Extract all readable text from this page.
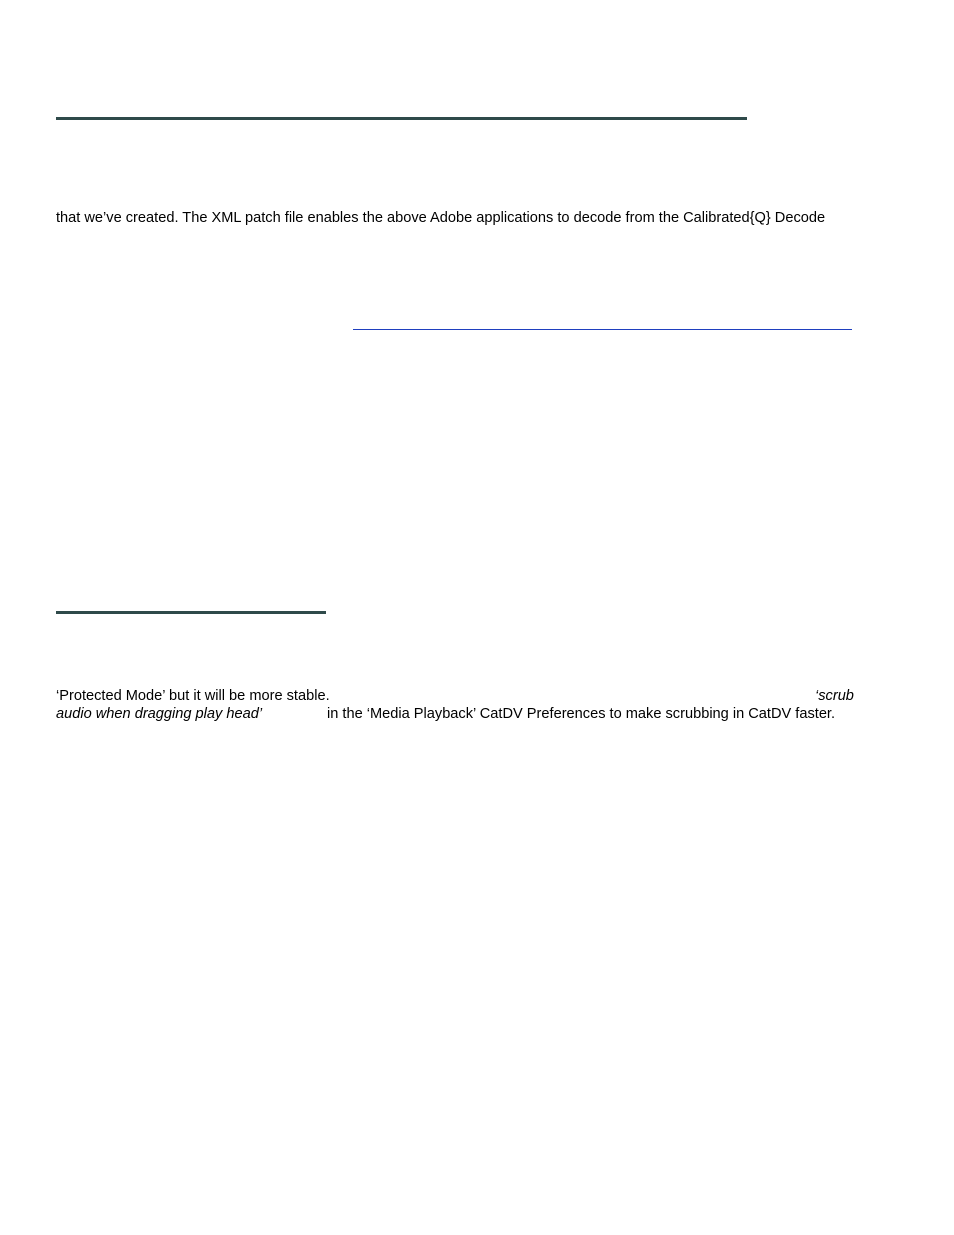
that we’ve created. The XML patch file enables the above Adobe applications to decode from the Calibrated{Q} Decode
‘Protected Mode’ but it will be more stable.	‘scrub
audio when dragging play head’	in the ‘Media Playback’ CatDV Preferences to make scrubbing in CatDV faster.
